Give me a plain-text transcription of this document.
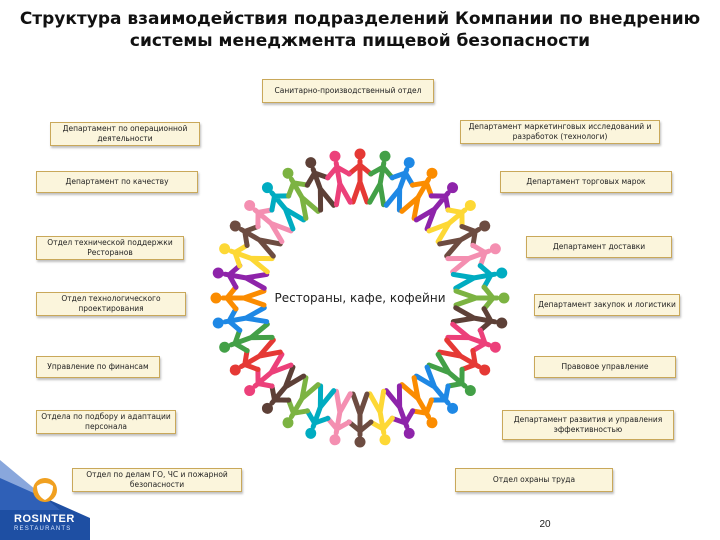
Структура взаимодействия подразделений Компании по внедрению
системы менеджмента пищевой безопасности
Рестораны, кафе, кофейни
Санитарно-производственный отдел
Департамент по операционной деятельности
Департамент маркетинговых исследований и разработок (технологи)
Департамент по качеству	Департамент торговых марок
Отдел технической поддержки Ресторанов
Департамент доставки
Отдел технологического проектирования	Департамент закупок и логистики
Управление по финансам	Правовое управление
Отдела по подбору и адаптации персонала
Департамент развития и управления эффективностью
Отдел по делам ГО, ЧС и пожарной безопасности
Отдел охраны труда
20
ROSINTER
RESTAURANTS
